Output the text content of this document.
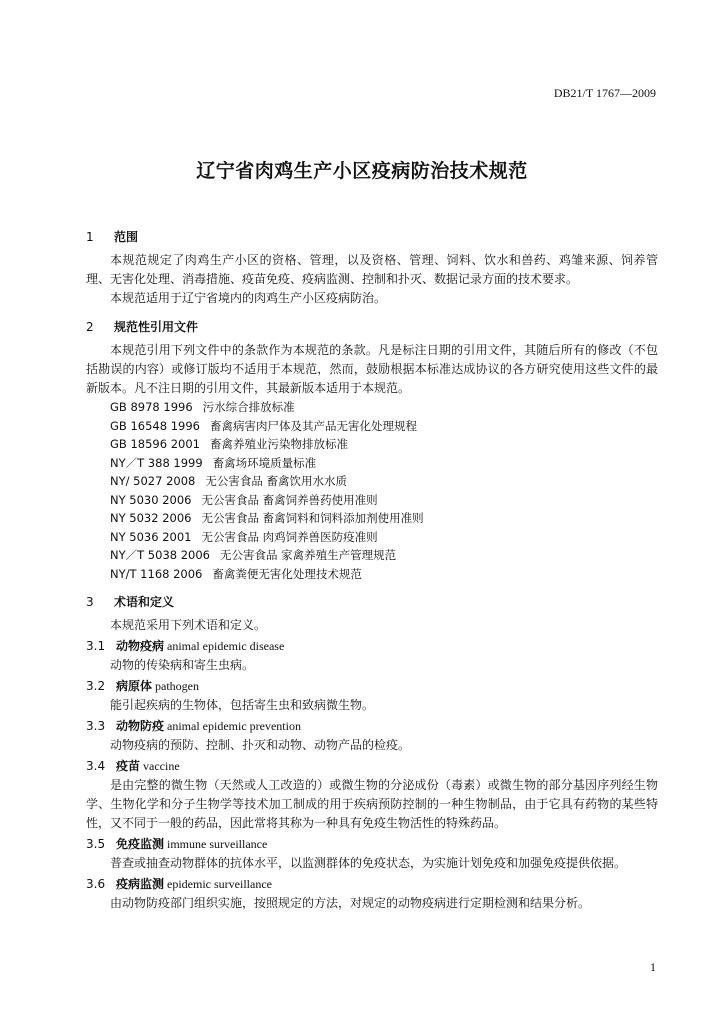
DB21/T 1767—2009
辽宁省肉鸡生产小区疫病防治技术规范
1 范围

本规范规定了肉鸡生产小区的资格、管理，以及资格、管理、饲料、饮水和兽药、鸡雏来源、饲养管理、无害化处理、消毒措施、疫苗免疫、疫病监测、控制和扑灭、数据记录方面的技术要求。

本规范适用于辽宁省境内的肉鸡生产小区疫病防治。

2 规范性引用文件

本规范引用下列文件中的条款作为本规范的条款。凡是标注日期的引用文件，其随后所有的修改（不包括勘误的内容）或修订版均不适用于本规范，然而，鼓励根据本标准达成协议的各方研究使用这些文件的最新版本。凡不注日期的引用文件，其最新版本适用于本规范。

GB 8978 1996 污水综合排放标准
GB 16548 1996 畜禽病害肉尸体及其产品无害化处理规程
GB 18596 2001 畜禽养殖业污染物排放标准
NY／T 388 1999 畜禽场环境质量标准
NY/ 5027 2008 无公害食品 畜禽饮用水水质
NY 5030 2006 无公害食品 畜禽饲养兽药使用准则
NY 5032 2006 无公害食品 畜禽饲料和饲料添加剂使用准则
NY 5036 2001 无公害食品 肉鸡饲养兽医防疫准则
NY／T 5038 2006 无公害食品 家禽养殖生产管理规范
NY/T 1168 2006 畜禽粪便无害化处理技术规范
3 术语和定义

本规范采用下列术语和定义。

3.1 动物疫病 animal epidemic disease

动物的传染病和寄生虫病。

3.2 病原体 pathogen

能引起疾病的生物体，包括寄生虫和致病微生物。

3.3 动物防疫 animal epidemic prevention

动物疫病的预防、控制、扑灭和动物、动物产品的检疫。

3.4 疫苗 vaccine

是由完整的微生物（天然或人工改造的）或微生物的分泌成份（毒素）或微生物的部分基因序列经生物学、生物化学和分子生物学等技术加工制成的用于疾病预防控制的一种生物制品，由于它具有药物的某些特性，又不同于一般的药品，因此常将其称为一种具有免疫生物活性的特殊药品。

3.5 免疫监测 immune surveillance

普查或抽查动物群体的抗体水平，以监测群体的免疫状态，为实施计划免疫和加强免疫提供依据。

3.6 疫病监测 epidemic surveillance

由动物防疫部门组织实施，按照规定的方法，对规定的动物疫病进行定期检测和结果分析。

1
